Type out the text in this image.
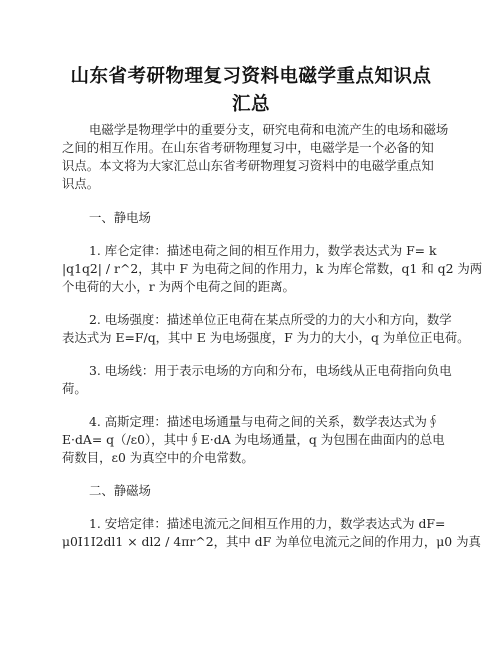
山东省考研物理复习资料电磁学重点知识点
汇总
电磁学是物理学中的重要分支，研究电荷和电流产生的电场和磁场
之间的相互作用。在山东省考研物理复习中，电磁学是一个必备的知
识点。本文将为大家汇总山东省考研物理复习资料中的电磁学重点知
识点。
一、静电场
1. 库仑定律：描述电荷之间的相互作用力，数学表达式为 F= k
|q1q2| / r^2，其中 F 为电荷之间的作用力，k 为库仑常数，q1 和 q2 为两
个电荷的大小，r 为两个电荷之间的距离。
2. 电场强度：描述单位正电荷在某点所受的力的大小和方向，数学
表达式为 E=F/q，其中 E 为电场强度，F 为力的大小，q 为单位正电荷。
3. 电场线：用于表示电场的方向和分布，电场线从正电荷指向负电
荷。
4. 高斯定理：描述电场通量与电荷之间的关系，数学表达式为∮
E·dA= q（/ε0），其中∮E·dA 为电场通量，q 为包围在曲面内的总电
荷数目，ε0 为真空中的介电常数。
二、静磁场
1. 安培定律：描述电流元之间相互作用的力，数学表达式为 dF=
μ0I1I2dl1 × dl2 / 4πr^2，其中 dF 为单位电流元之间的作用力，μ0 为真
